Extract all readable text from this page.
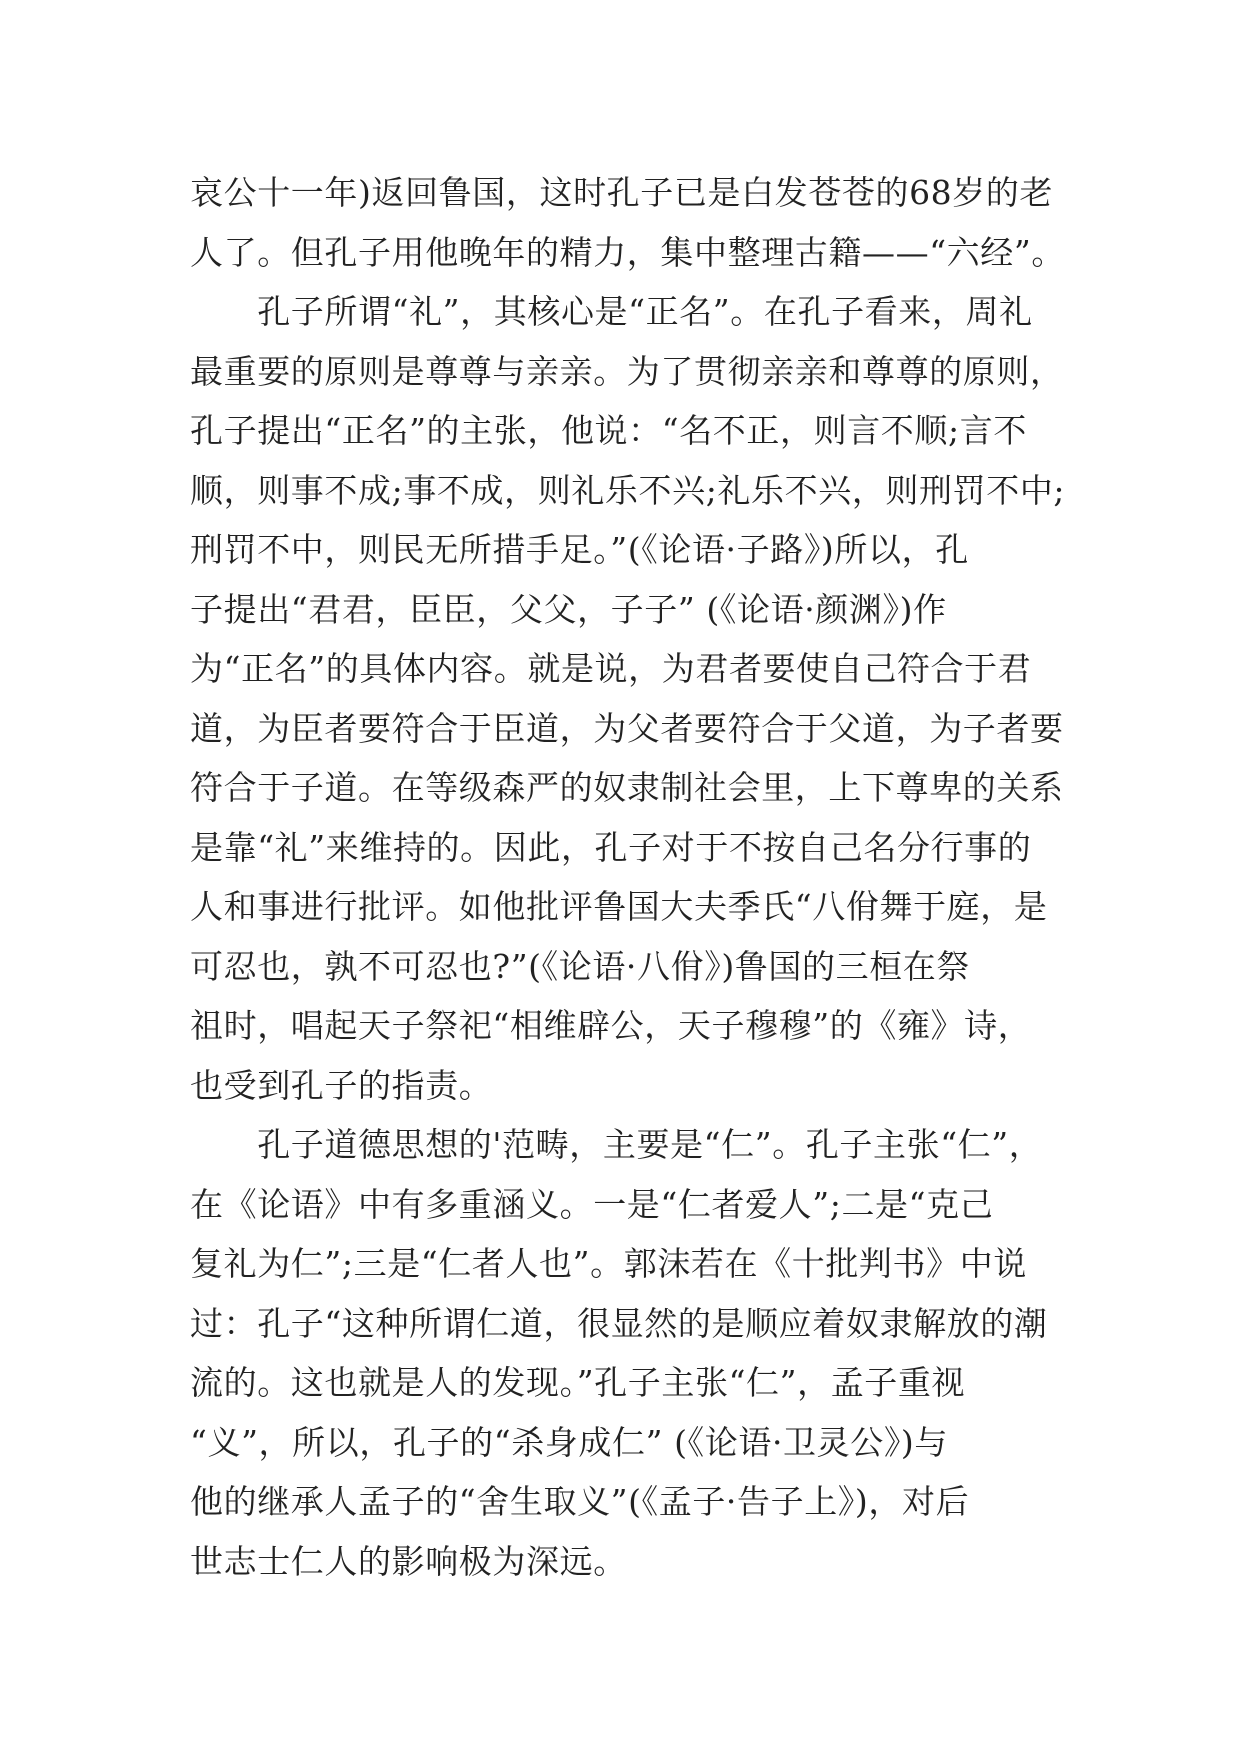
哀公十一年)返回鲁国，这时孔子已是白发苍苍的68岁的老
人了。但孔子用他晚年的精力，集中整理古籍——“六经”。
　　孔子所谓“礼”，其核心是“正名”。在孔子看来，周礼
最重要的原则是尊尊与亲亲。为了贯彻亲亲和尊尊的原则，
孔子提出“正名”的主张，他说：“名不正，则言不顺;言不
顺，则事不成;事不成，则礼乐不兴;礼乐不兴，则刑罚不中;
刑罚不中，则民无所措手足。”(《论语·子路》)所以，孔
子提出“君君，臣臣，父父，子子” (《论语·颜渊》)作
为“正名”的具体内容。就是说，为君者要使自己符合于君
道，为臣者要符合于臣道，为父者要符合于父道，为子者要
符合于子道。在等级森严的奴隶制社会里，上下尊卑的关系
是靠“礼”来维持的。因此，孔子对于不按自己名分行事的
人和事进行批评。如他批评鲁国大夫季氏“八佾舞于庭，是
可忍也，孰不可忍也?”(《论语·八佾》)鲁国的三桓在祭
祖时，唱起天子祭祀“相维辟公，天子穆穆”的《雍》诗，
也受到孔子的指责。
　　孔子道德思想的'范畴，主要是“仁”。孔子主张“仁”，
在《论语》中有多重涵义。一是“仁者爱人”;二是“克己
复礼为仁”;三是“仁者人也”。郭沫若在《十批判书》中说
过：孔子“这种所谓仁道，很显然的是顺应着奴隶解放的潮
流的。这也就是人的发现。”孔子主张“仁”，孟子重视
“义”，所以，孔子的“杀身成仁” (《论语·卫灵公》)与
他的继承人孟子的“舍生取义”(《孟子·告子上》)，对后
世志士仁人的影响极为深远。
